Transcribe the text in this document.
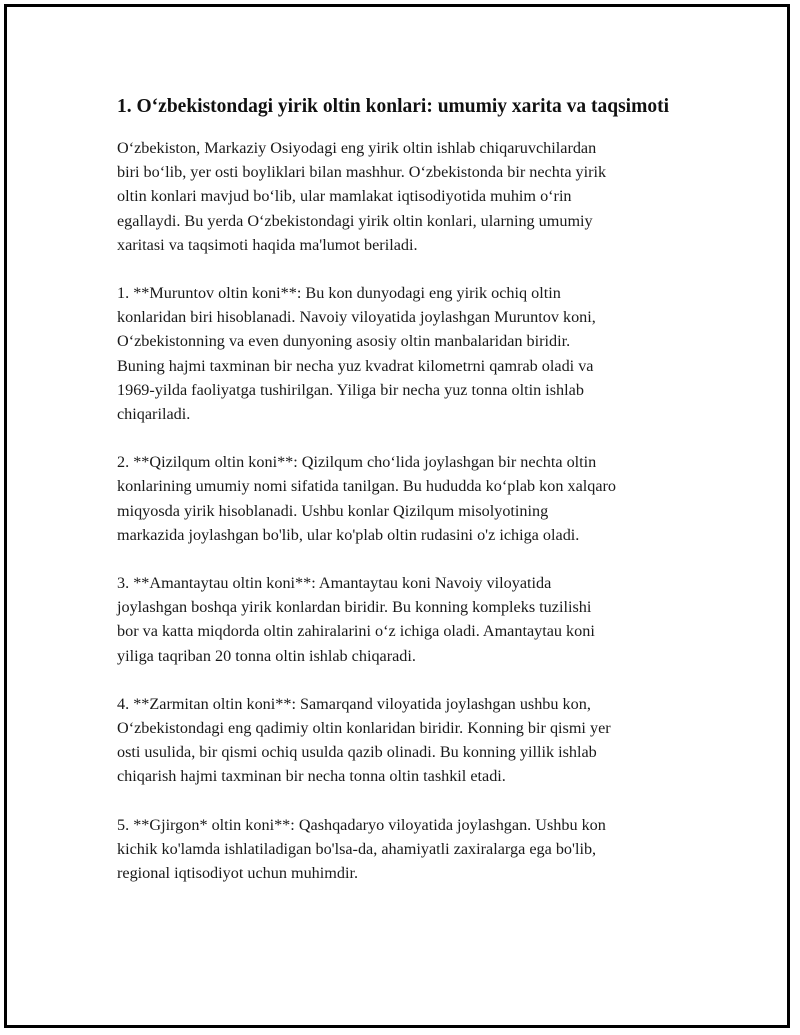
1. O‘zbekistondagi yirik oltin konlari: umumiy xarita va taqsimoti

O‘zbekiston, Markaziy Osiyodagi eng yirik oltin ishlab chiqaruvchilardan
biri bo‘lib, yer osti boyliklari bilan mashhur. O‘zbekistonda bir nechta yirik
oltin konlari mavjud bo‘lib, ular mamlakat iqtisodiyotida muhim o‘rin
egallaydi. Bu yerda O‘zbekistondagi yirik oltin konlari, ularning umumiy
xaritasi va taqsimoti haqida ma'lumot beriladi.

1. **Muruntov oltin koni**: Bu kon dunyodagi eng yirik ochiq oltin
konlaridan biri hisoblanadi. Navoiy viloyatida joylashgan Muruntov koni,
O‘zbekistonning va even dunyoning asosiy oltin manbalaridan biridir.
Buning hajmi taxminan bir necha yuz kvadrat kilometrni qamrab oladi va
1969-yilda faoliyatga tushirilgan. Yiliga bir necha yuz tonna oltin ishlab
chiqariladi.

2. **Qizilqum oltin koni**: Qizilqum cho‘lida joylashgan bir nechta oltin
konlarining umumiy nomi sifatida tanilgan. Bu hududda ko‘plab kon xalqaro
miqyosda yirik hisoblanadi. Ushbu konlar Qizilqum misolyotining
markazida joylashgan bo'lib, ular ko'plab oltin rudasini o'z ichiga oladi.

3. **Amantaytau oltin koni**: Amantaytau koni Navoiy viloyatida
joylashgan boshqa yirik konlardan biridir. Bu konning kompleks tuzilishi
bor va katta miqdorda oltin zahiralarini o‘z ichiga oladi. Amantaytau koni
yiliga taqriban 20 tonna oltin ishlab chiqaradi.

4. **Zarmitan oltin koni**: Samarqand viloyatida joylashgan ushbu kon,
O‘zbekistondagi eng qadimiy oltin konlaridan biridir. Konning bir qismi yer
osti usulida, bir qismi ochiq usulda qazib olinadi. Bu konning yillik ishlab
chiqarish hajmi taxminan bir necha tonna oltin tashkil etadi.

5. **Gjirgon* oltin koni**: Qashqadaryo viloyatida joylashgan. Ushbu kon
kichik ko'lamda ishlatiladigan bo'lsa-da, ahamiyatli zaxiralarga ega bo'lib,
regional iqtisodiyot uchun muhimdir.
